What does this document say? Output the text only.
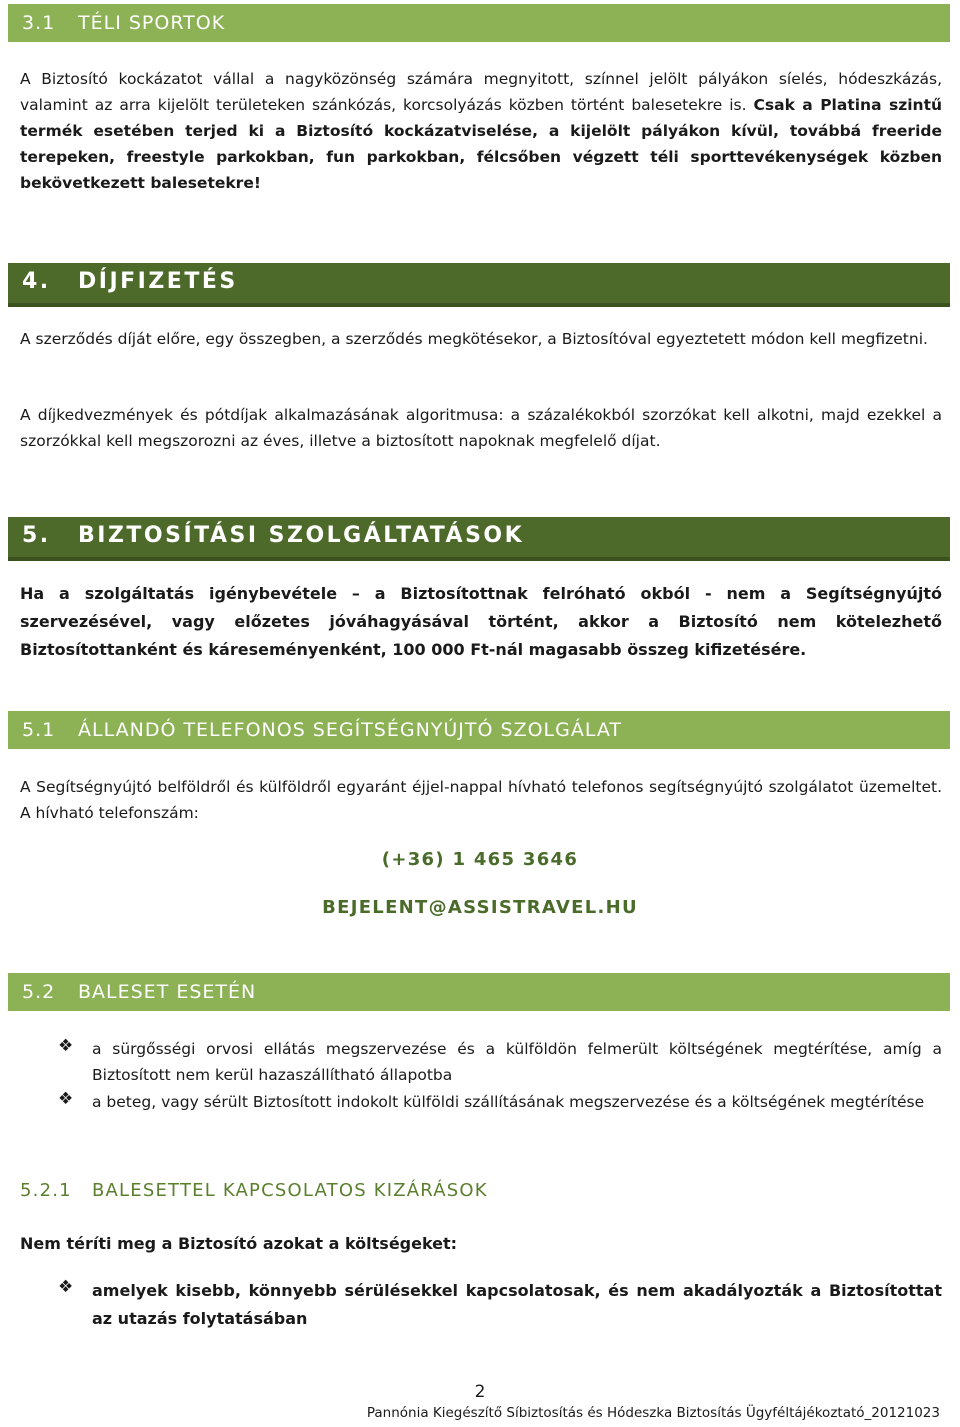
3.1 TÉLI SPORTOK
A Biztosító kockázatot vállal a nagyközönség számára megnyitott, színnel jelölt pályákon síelés, hódeszkázás, valamint az arra kijelölt területeken szánkózás, korcsolyázás közben történt balesetekre is. Csak a Platina szintű termék esetében terjed ki a Biztosító kockázatviselése, a kijelölt pályákon kívül, továbbá freeride terepeken, freestyle parkokban, fun parkokban, félcsőben végzett téli sporttevékenységek közben bekövetkezett balesetekre!
4. DÍJFIZETÉS
A szerződés díját előre, egy összegben, a szerződés megkötésekor, a Biztosítóval egyeztetett módon kell megfizetni.
A díjkedvezmények és pótdíjak alkalmazásának algoritmusa: a százalékokból szorzókat kell alkotni, majd ezekkel a szorzókkal kell megszorozni az éves, illetve a biztosított napoknak megfelelő díjat.
5. BIZTOSÍTÁSI SZOLGÁLTATÁSOK
Ha a szolgáltatás igénybevétele – a Biztosítottnak felróható okból - nem a Segítségnyújtó szervezésével, vagy előzetes jóváhagyásával történt, akkor a Biztosító nem kötelezhető Biztosítottanként és káreseményenként, 100 000 Ft-nál magasabb összeg kifizetésére.
5.1 ÁLLANDÓ TELEFONOS SEGÍTSÉGNYÚJTÓ SZOLGÁLAT
A Segítségnyújtó belföldről és külföldről egyaránt éjjel-nappal hívható telefonos segítségnyújtó szolgálatot üzemeltet. A hívható telefonszám:
(+36) 1 465 3646
BEJELENT@ASSISTRAVEL.HU
5.2 BALESET ESETÉN
❖ a sürgősségi orvosi ellátás megszervezése és a külföldön felmerült költségének megtérítése, amíg a Biztosított nem kerül hazaszállítható állapotba
❖ a beteg, vagy sérült Biztosított indokolt külföldi szállításának megszervezése és a költségének megtérítése
5.2.1 BALESETTEL KAPCSOLATOS KIZÁRÁSOK
Nem téríti meg a Biztosító azokat a költségeket:
❖ amelyek kisebb, könnyebb sérülésekkel kapcsolatosak, és nem akadályozták a Biztosítottat az utazás folytatásában
2
Pannónia Kiegészítő Síbiztosítás és Hódeszka Biztosítás Ügyféltájékoztató_20121023
